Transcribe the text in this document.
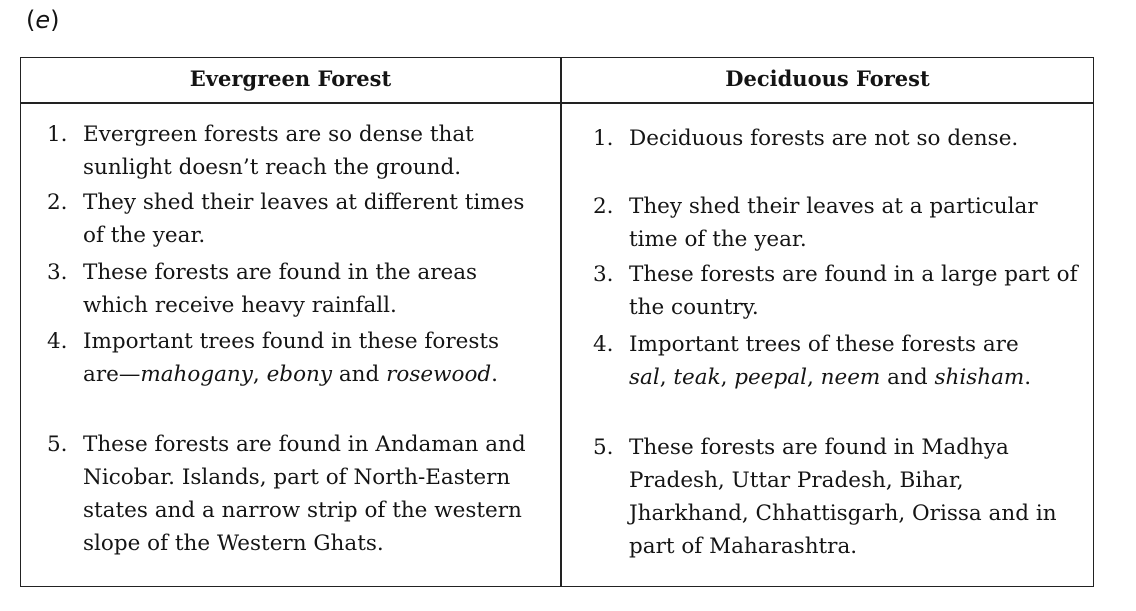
(e)
Evergreen Forest	Deciduous Forest
1. Evergreen forests are so dense that sunlight doesn’t reach the ground.
2. They shed their leaves at different times of the year.
3. These forests are found in the areas which receive heavy rainfall.
4. Important trees found in these forests are—mahogany, ebony and rosewood.
5. These forests are found in Andaman and Nicobar. Islands, part of North-Eastern states and a narrow strip of the western slope of the Western Ghats.
1. Deciduous forests are not so dense.
2. They shed their leaves at a particular time of the year.
3. These forests are found in a large part of the country.
4. Important trees of these forests are
sal, teak, peepal, neem and shisham.
5. These forests are found in Madhya Pradesh, Uttar Pradesh, Bihar, Jharkhand, Chhattisgarh, Orissa and in part of Maharashtra.
